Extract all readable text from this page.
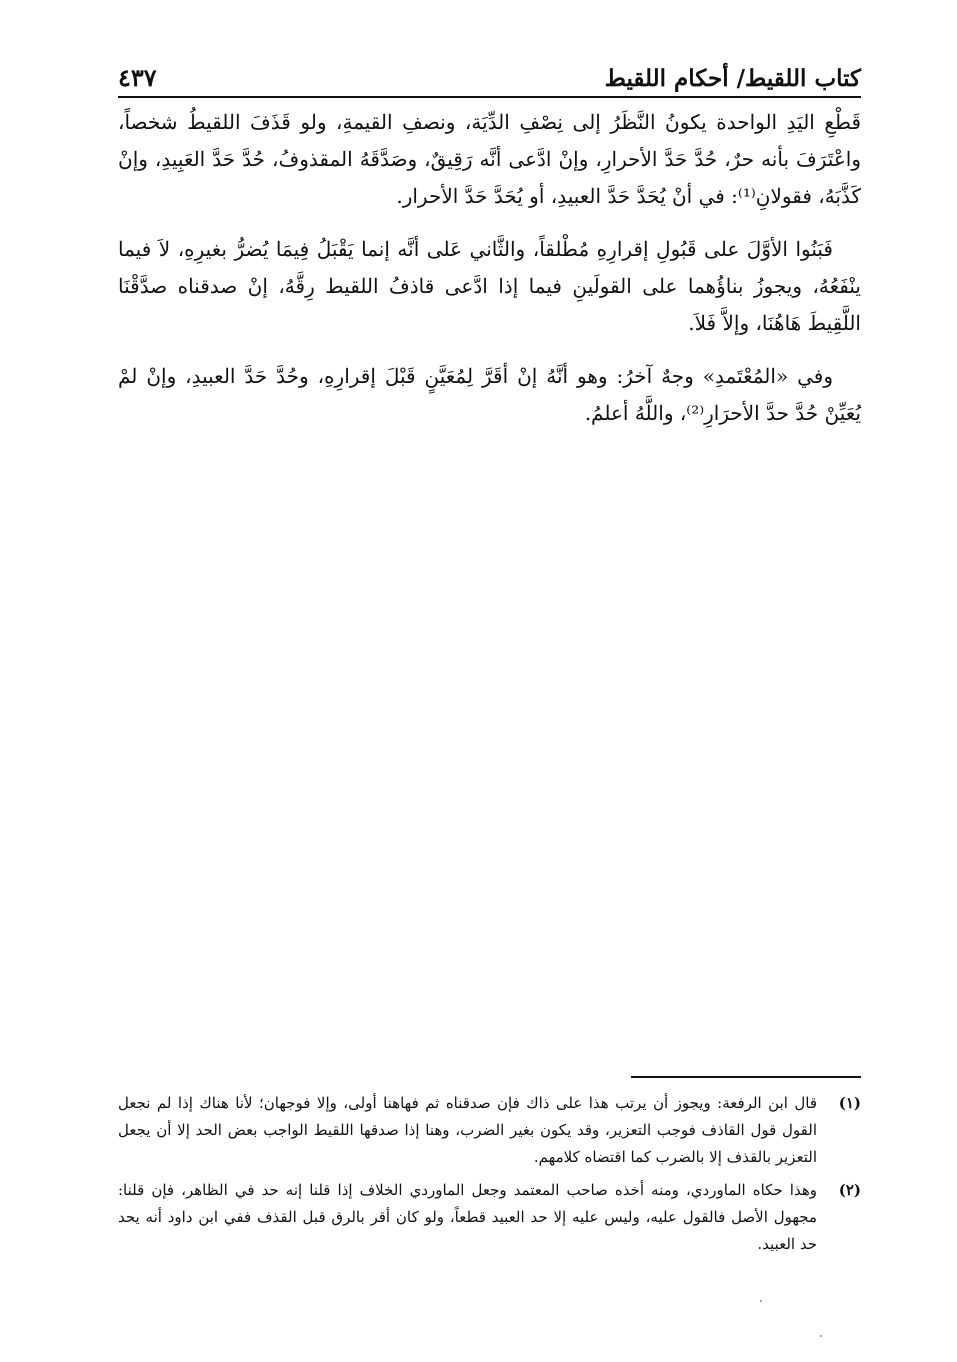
كتاب اللقيط/ أحكام اللقيط
٤٣٧

قَطْعِ اليَدِ الواحدة يكونُ النَّظَرُ إلى نِصْفِ الدِّيَة، ونصفِ القيمةِ، ولو قَذَفَ اللقيطُ شخصاً، واعْتَرَفَ بأنه حرٌ، حُدَّ حَدَّ الأحرارِ، وإنْ ادَّعى أنَّه رَقِيقٌ، وصَدَّقَهُ المقذوفُ، حُدَّ حَدَّ العَبِيدِ، وإنْ كَذَّبَهُ، فقولانِ⁽¹⁾: في أنْ يُحَدَّ حَدَّ العبيدِ، أو يُحَدَّ حَدَّ الأحرار.

فَبَنُوا الأوَّلَ على قَبُولِ إقرارِهِ مُطْلقاً، والثَّاني عَلى أنَّه إنما يَقْبَلُ فِيمَا يُضرُّ بغيرِهِ، لاَ فيما ينْفَعُهُ، ويجوزُ بناؤُهما على القولَينِ فيما إذا ادَّعى قاذفُ اللقيط رِقَّهُ، إنْ صدقناه صدَّقْنَا اللَّقِيطَ هَاهُنَا، وإلاَّ فَلاَ.

وفي «المُعْتَمدِ» وجهٌ آخرُ: وهو أنَّهُ إنْ أقَرَّ لِمُعَيَّنٍ قَبْلَ إقرارِهِ، وحُدَّ حَدَّ العبيدِ، وإنْ لمْ يُعَيِّنْ حُدَّ حدَّ الأحرَارِ⁽²⁾، واللَّهُ أعلمُ.

(١)
قال ابن الرفعة: ويجوز أن يرتب هذا على ذاك فإن صدقناه ثم فهاهنا أولى، وإلا فوجهان؛ لأنا هناك إذا لم نجعل القول قول القاذف فوجب التعزير، وقد يكون بغير الضرب، وهنا إذا صدقها اللقيط الواجب بعض الحد إلا أن يجعل التعزير بالقذف إلا بالضرب كما اقتضاه كلامهم.
(٢)
وهذا حكاه الماوردي، ومنه أخذه صاحب المعتمد وجعل الماوردي الخلاف إذا قلنا إنه حد في الظاهر، فإن قلنا: مجهول الأصل فالقول عليه، وليس عليه إلا حد العبيد قطعاً، ولو كان أقر بالرق قبل القذف ففي ابن داود أنه يحد حد العبيد.
